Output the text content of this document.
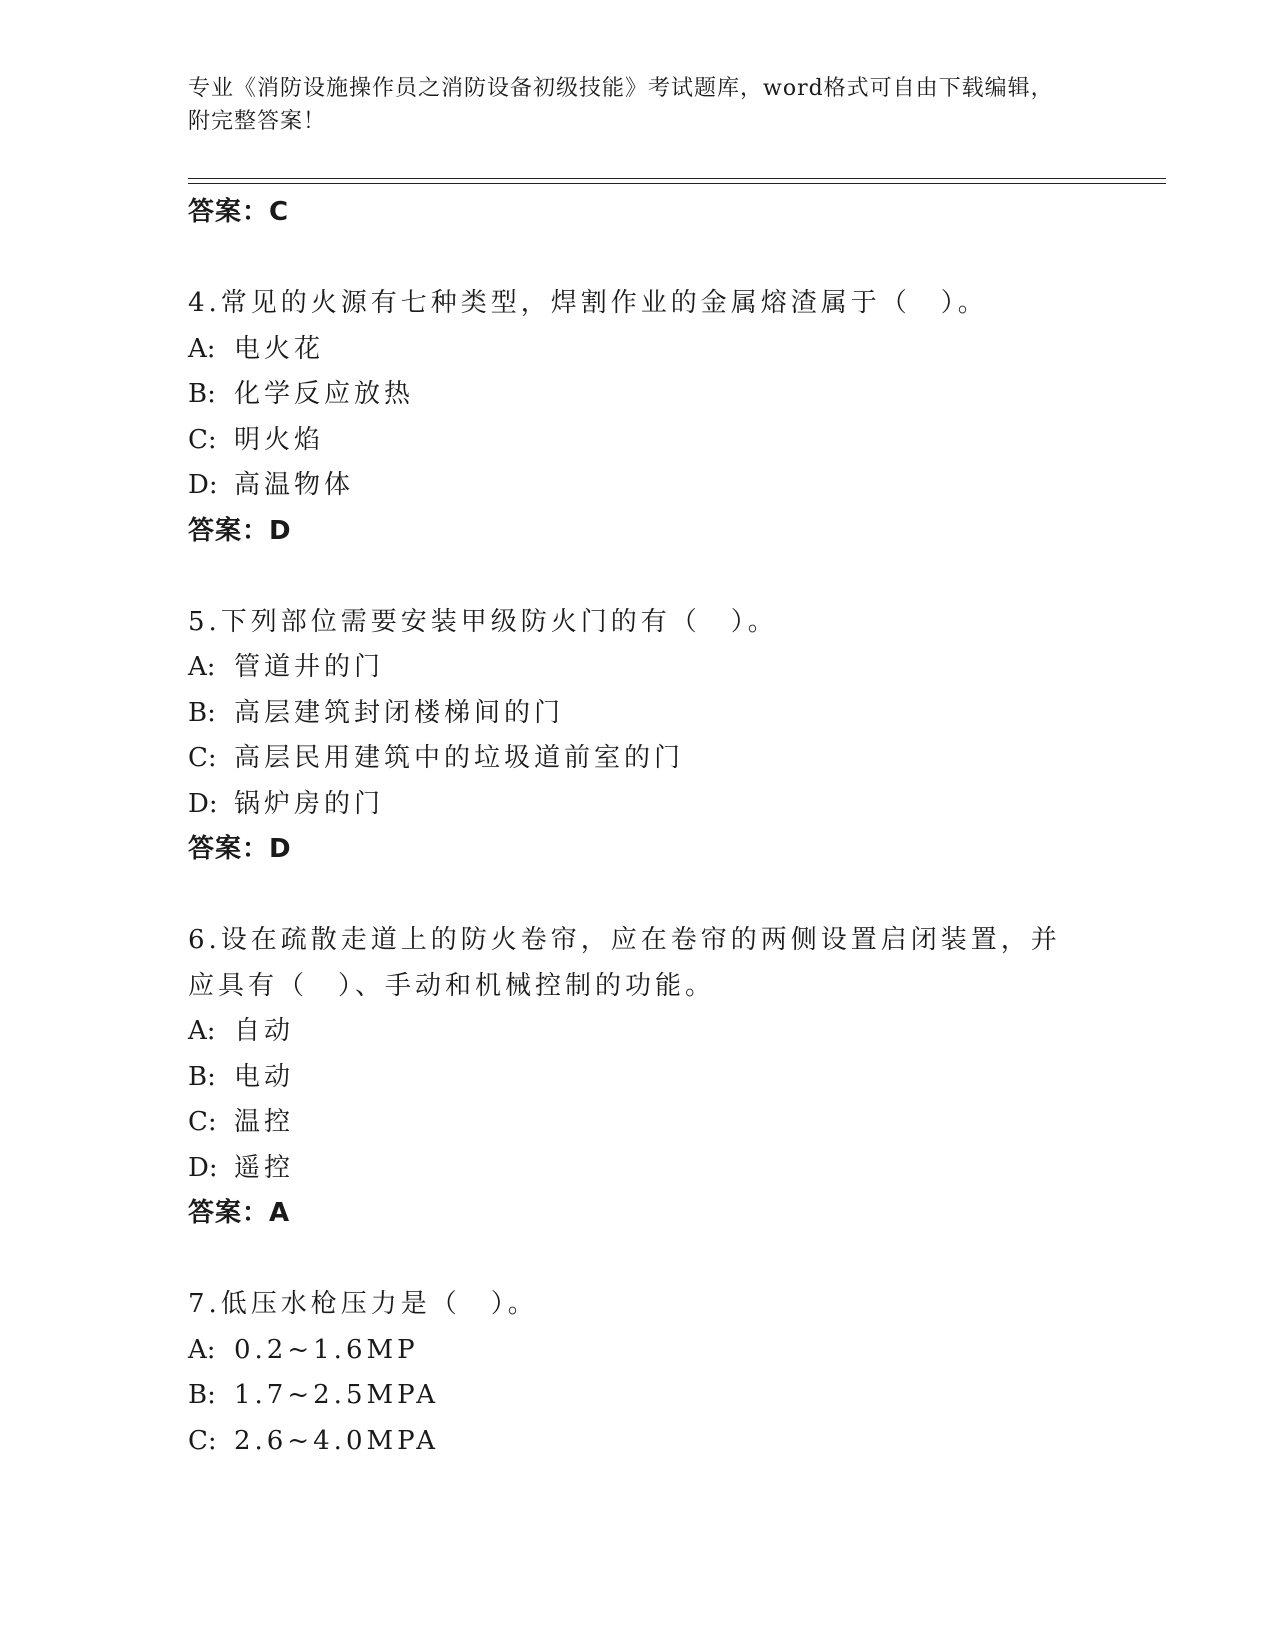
专业《消防设施操作员之消防设备初级技能》考试题库，word格式可自由下载编辑，附完整答案！
答案：C
4.常见的火源有七种类型，焊割作业的金属熔渣属于（　）。
A: 电火花
B: 化学反应放热
C: 明火焰
D: 高温物体
答案：D
5.下列部位需要安装甲级防火门的有（　）。
A: 管道井的门
B: 高层建筑封闭楼梯间的门
C: 高层民用建筑中的垃圾道前室的门
D: 锅炉房的门
答案：D
6.设在疏散走道上的防火卷帘，应在卷帘的两侧设置启闭装置，并应具有（　）、手动和机械控制的功能。
A: 自动
B: 电动
C: 温控
D: 遥控
答案：A
7.低压水枪压力是（　）。
A: 0.2~1.6MP
B: 1.7~2.5MPA
C: 2.6~4.0MPA
